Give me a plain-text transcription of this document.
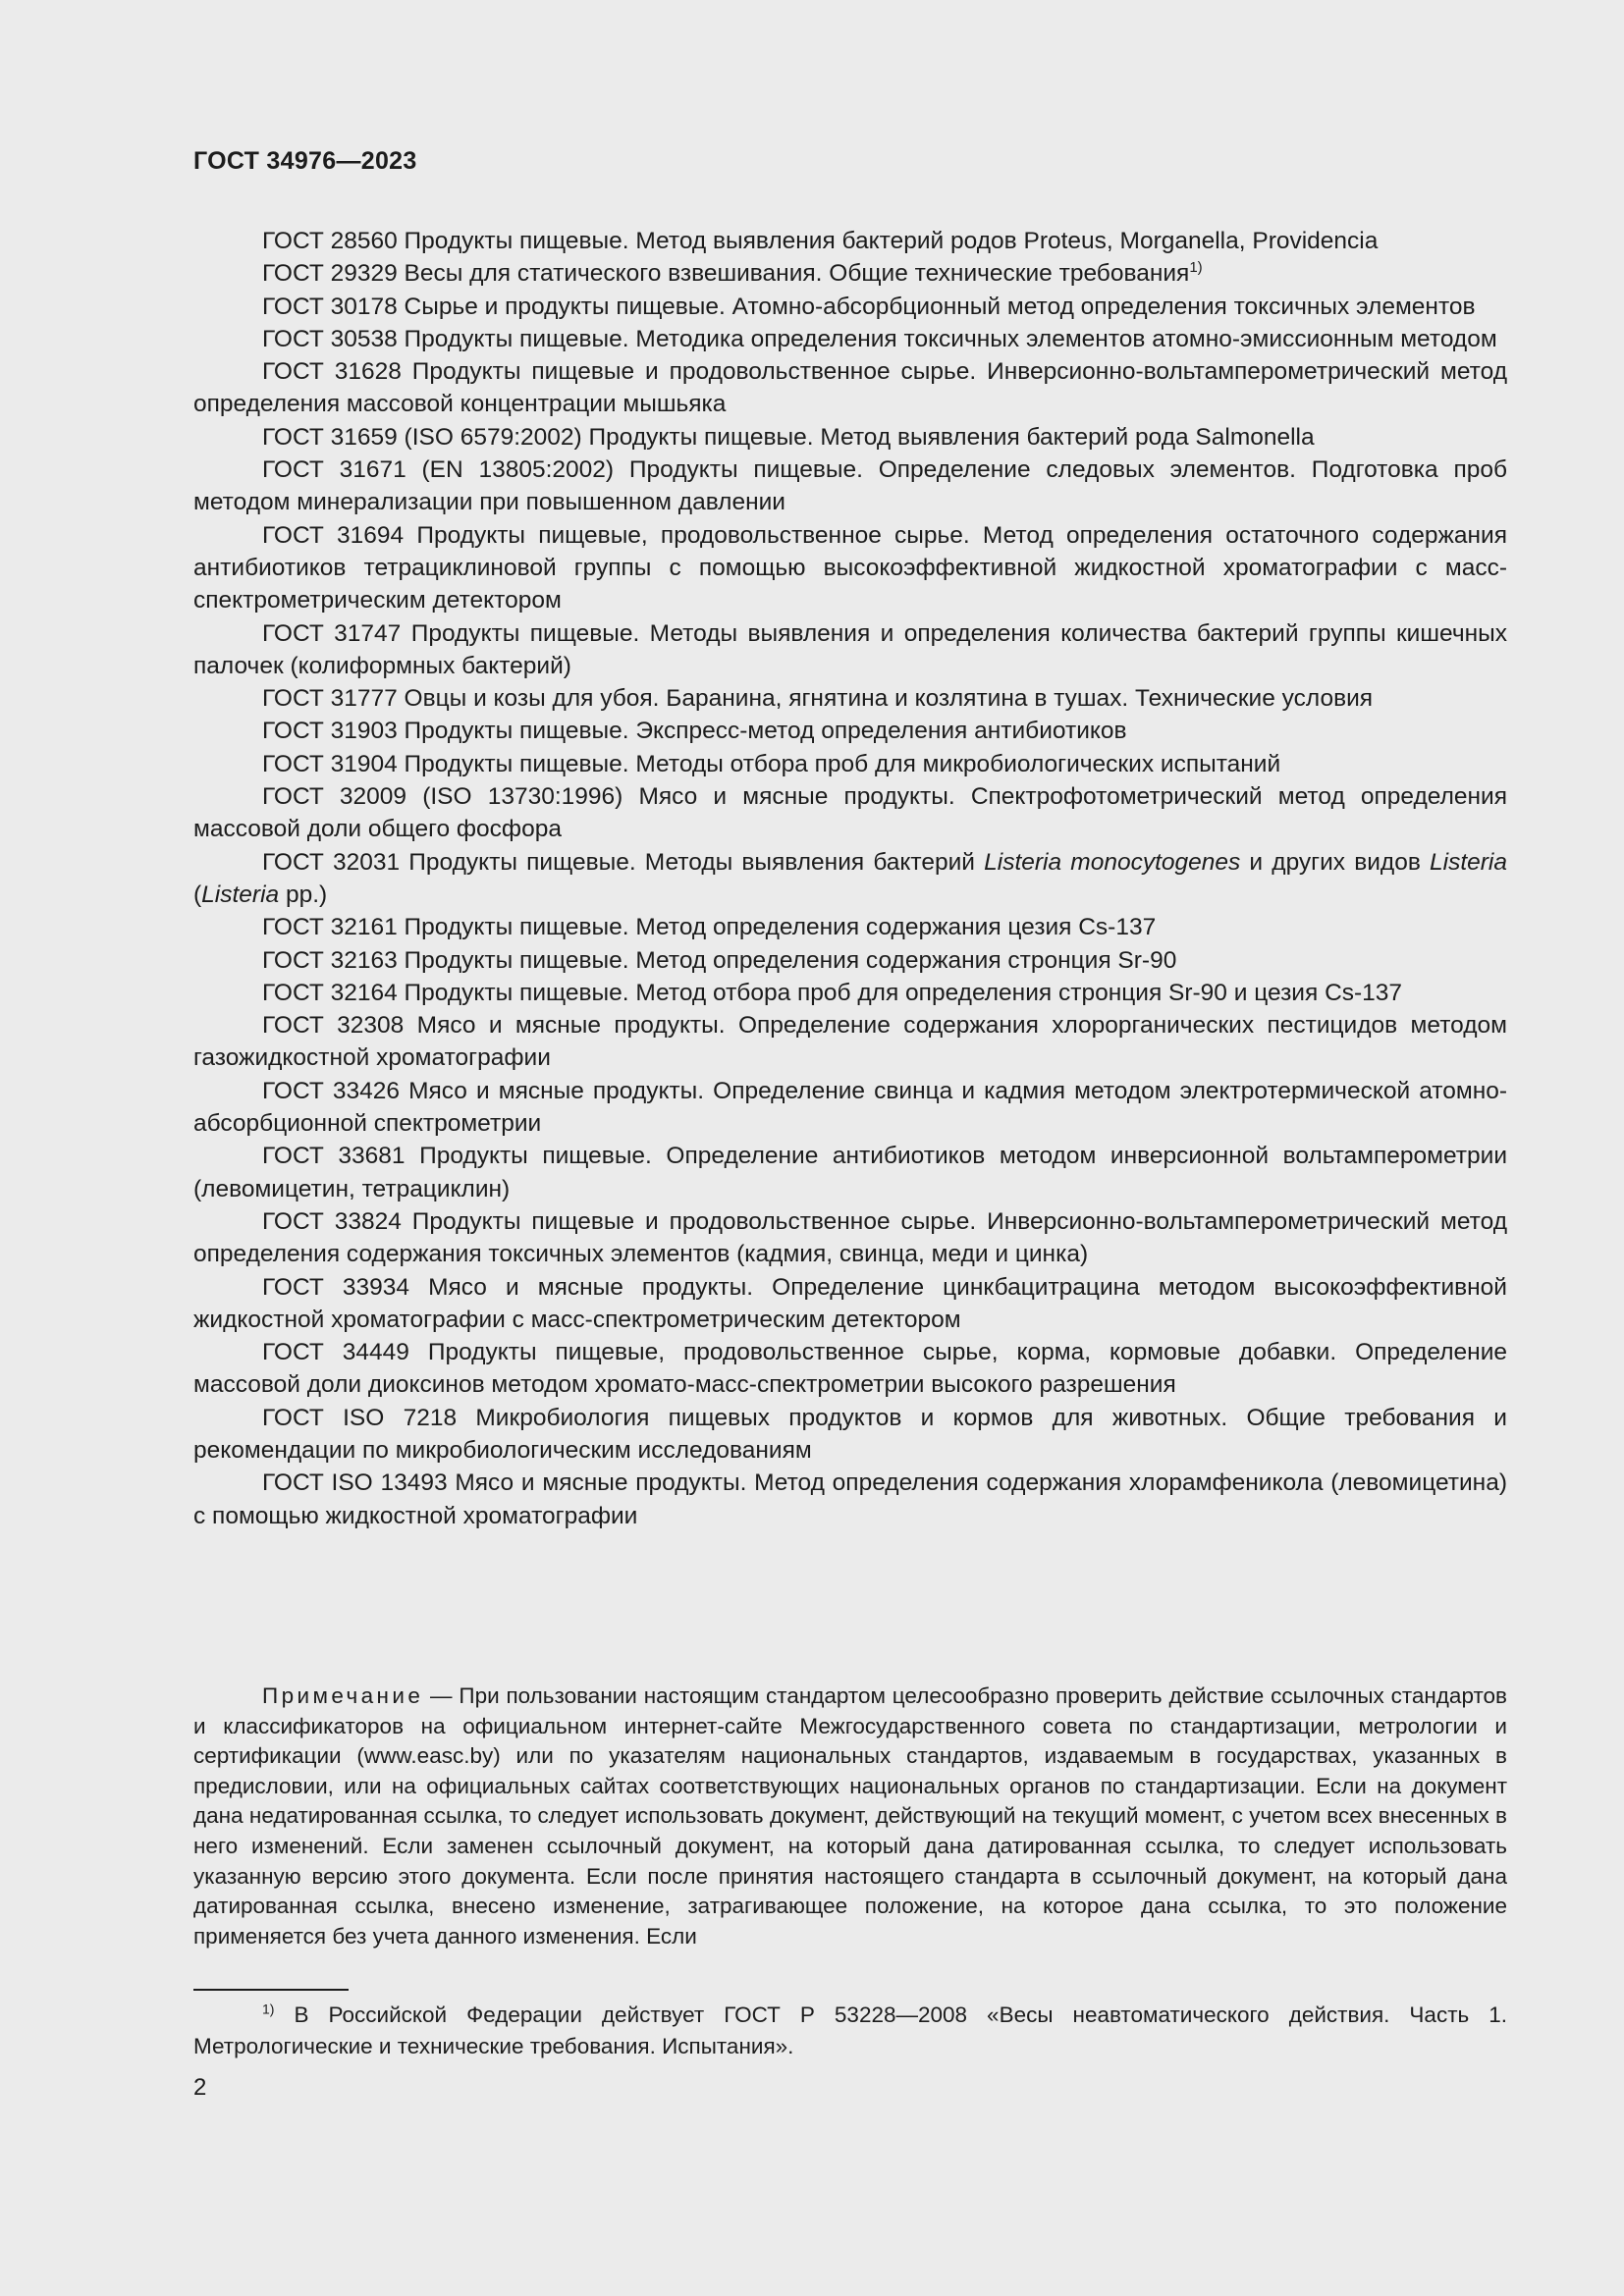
ГОСТ 34976—2023

ГОСТ 28560 Продукты пищевые. Метод выявления бактерий родов Proteus, Morganella, Providencia

ГОСТ 29329 Весы для статического взвешивания. Общие технические требования$^{1)}$

ГОСТ 30178 Сырье и продукты пищевые. Атомно-абсорбционный метод определения токсичных элементов

ГОСТ 30538 Продукты пищевые. Методика определения токсичных элементов атомно-эмиссионным методом

ГОСТ 31628 Продукты пищевые и продовольственное сырье. Инверсионно-вольтамперометрический метод определения массовой концентрации мышьяка

ГОСТ 31659 (ISO 6579:2002) Продукты пищевые. Метод выявления бактерий рода Salmonella

ГОСТ 31671 (EN 13805:2002) Продукты пищевые. Определение следовых элементов. Подготовка проб методом минерализации при повышенном давлении

ГОСТ 31694 Продукты пищевые, продовольственное сырье. Метод определения остаточного содержания антибиотиков тетрациклиновой группы с помощью высокоэффективной жидкостной хроматографии с масс-спектрометрическим детектором

ГОСТ 31747 Продукты пищевые. Методы выявления и определения количества бактерий группы кишечных палочек (колиформных бактерий)

ГОСТ 31777 Овцы и козы для убоя. Баранина, ягнятина и козлятина в тушах. Технические условия

ГОСТ 31903 Продукты пищевые. Экспресс-метод определения антибиотиков

ГОСТ 31904 Продукты пищевые. Методы отбора проб для микробиологических испытаний

ГОСТ 32009 (ISO 13730:1996) Мясо и мясные продукты. Спектрофотометрический метод определения массовой доли общего фосфора

ГОСТ 32031 Продукты пищевые. Методы выявления бактерий Listeria monocytogenes и других видов Listeria (Listeria pp.)

ГОСТ 32161 Продукты пищевые. Метод определения содержания цезия Cs-137

ГОСТ 32163 Продукты пищевые. Метод определения содержания стронция Sr-90

ГОСТ 32164 Продукты пищевые. Метод отбора проб для определения стронция Sr-90 и цезия Cs-137

ГОСТ 32308 Мясо и мясные продукты. Определение содержания хлорорганических пестицидов методом газожидкостной хроматографии

ГОСТ 33426 Мясо и мясные продукты. Определение свинца и кадмия методом электротермической атомно-абсорбционной спектрометрии

ГОСТ 33681 Продукты пищевые. Определение антибиотиков методом инверсионной вольтамперометрии (левомицетин, тетрациклин)

ГОСТ 33824 Продукты пищевые и продовольственное сырье. Инверсионно-вольтамперометрический метод определения содержания токсичных элементов (кадмия, свинца, меди и цинка)

ГОСТ 33934 Мясо и мясные продукты. Определение цинкбацитрацина методом высокоэффективной жидкостной хроматографии с масс-спектрометрическим детектором

ГОСТ 34449 Продукты пищевые, продовольственное сырье, корма, кормовые добавки. Определение массовой доли диоксинов методом хромато-масс-спектрометрии высокого разрешения

ГОСТ ISO 7218 Микробиология пищевых продуктов и кормов для животных. Общие требования и рекомендации по микробиологическим исследованиям

ГОСТ ISO 13493 Мясо и мясные продукты. Метод определения содержания хлорамфеникола (левомицетина) с помощью жидкостной хроматографии

Примечание — При пользовании настоящим стандартом целесообразно проверить действие ссылочных стандартов и классификаторов на официальном интернет-сайте Межгосударственного совета по стандартизации, метрологии и сертификации (www.easc.by) или по указателям национальных стандартов, издаваемым в государствах, указанных в предисловии, или на официальных сайтах соответствующих национальных органов по стандартизации. Если на документ дана недатированная ссылка, то следует использовать документ, действующий на текущий момент, с учетом всех внесенных в него изменений. Если заменен ссылочный документ, на который дана датированная ссылка, то следует использовать указанную версию этого документа. Если после принятия настоящего стандарта в ссылочный документ, на который дана датированная ссылка, внесено изменение, затрагивающее положение, на которое дана ссылка, то это положение применяется без учета данного изменения. Если
$^{1)}$ В Российской Федерации действует ГОСТ Р 53228—2008 «Весы неавтоматического действия. Часть 1. Метрологические и технические требования. Испытания».
2
